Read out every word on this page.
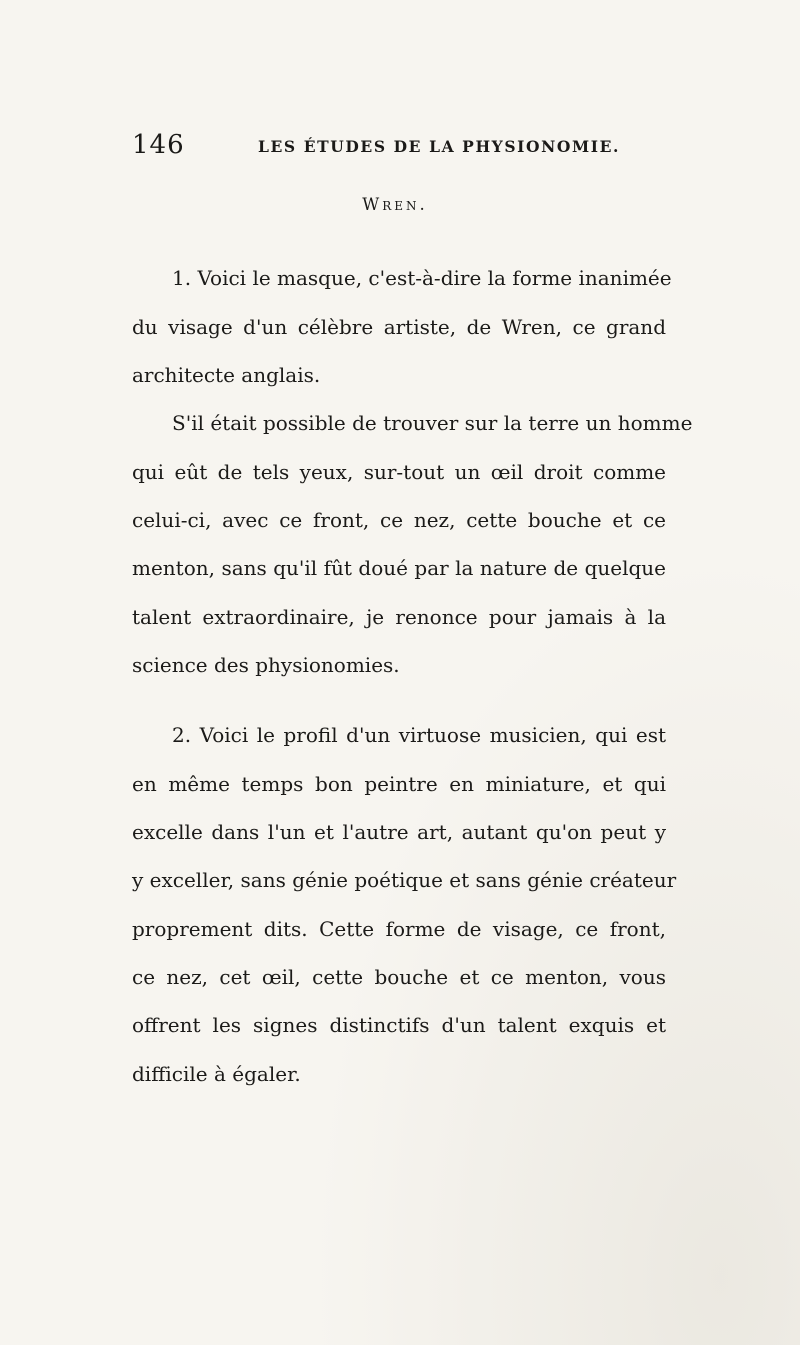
146	LES ÉTUDES DE LA PHYSIONOMIE.
Wren.
1. Voici le masque, c'est-à-dire la forme inanimée
du visage d'un célèbre artiste, de Wren, ce grand
architecte anglais.
S'il était possible de trouver sur la terre un homme
qui eût de tels yeux, sur-tout un œil droit comme
celui-ci, avec ce front, ce nez, cette bouche et ce
menton, sans qu'il fût doué par la nature de quelque
talent extraordinaire, je renonce pour jamais à la
science des physionomies.
2. Voici le profil d'un virtuose musicien, qui est
en même temps bon peintre en miniature, et qui
excelle dans l'un et l'autre art, autant qu'on peut y
y exceller, sans génie poétique et sans génie créateur
proprement dits. Cette forme de visage, ce front,
ce nez, cet œil, cette bouche et ce menton, vous
offrent les signes distinctifs d'un talent exquis et
difficile à égaler.
